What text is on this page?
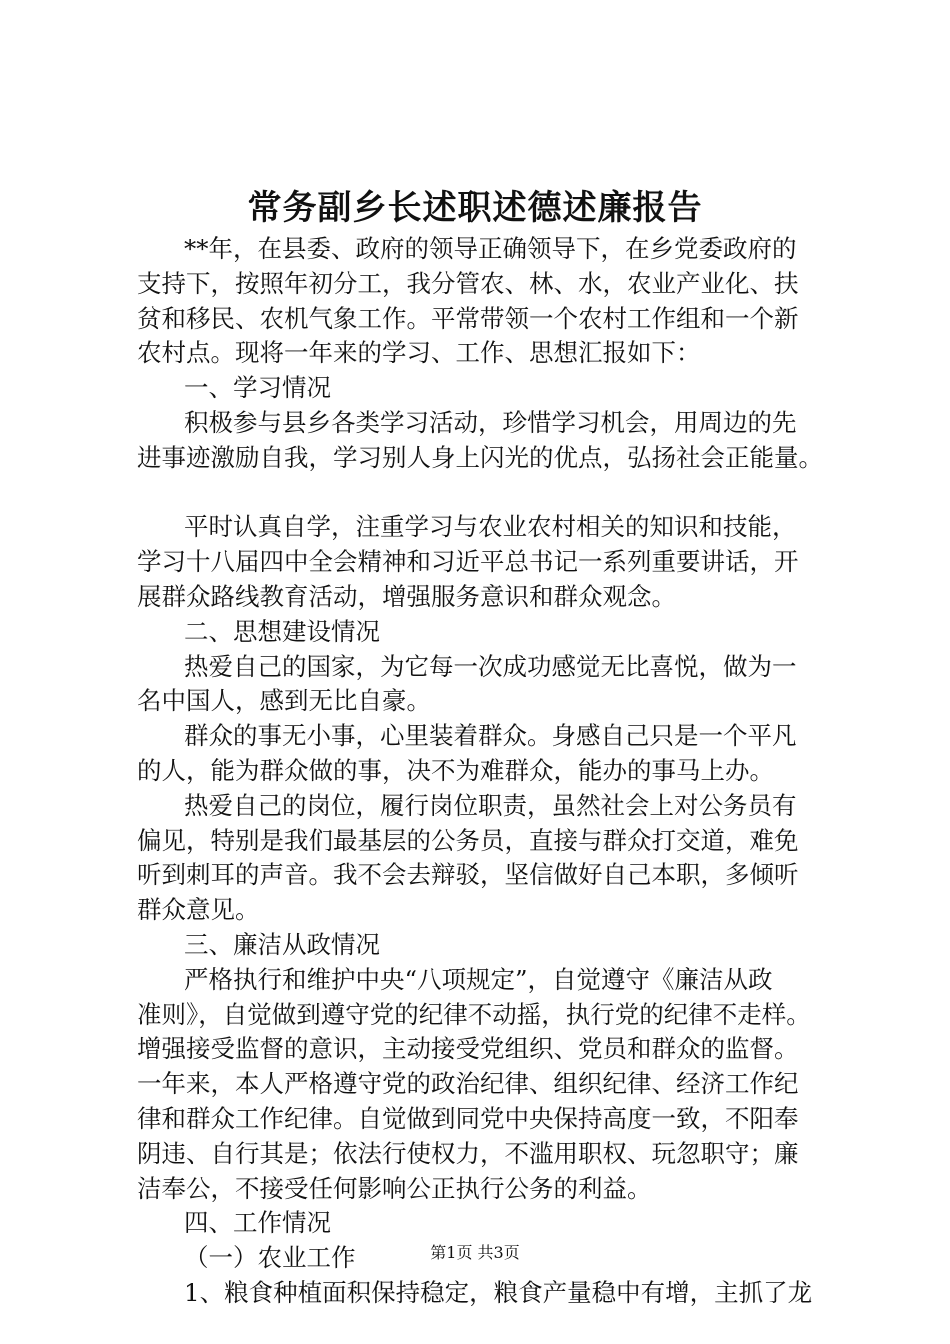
常务副乡长述职述德述廉报告
**年，在县委、政府的领导正确领导下，在乡党委政府的
支持下，按照年初分工，我分管农、林、水，农业产业化、扶
贫和移民、农机气象工作。平常带领一个农村工作组和一个新
农村点。现将一年来的学习、工作、思想汇报如下：
一、学习情况
积极参与县乡各类学习活动，珍惜学习机会，用周边的先
进事迹激励自我，学习别人身上闪光的优点，弘扬社会正能量。
平时认真自学，注重学习与农业农村相关的知识和技能，
学习十八届四中全会精神和习近平总书记一系列重要讲话，开
展群众路线教育活动，增强服务意识和群众观念。
二、思想建设情况
热爱自己的国家，为它每一次成功感觉无比喜悦，做为一
名中国人，感到无比自豪。
群众的事无小事，心里装着群众。身感自己只是一个平凡
的人，能为群众做的事，决不为难群众，能办的事马上办。
热爱自己的岗位，履行岗位职责，虽然社会上对公务员有
偏见，特别是我们最基层的公务员，直接与群众打交道，难免
听到刺耳的声音。我不会去辩驳，坚信做好自己本职，多倾听
群众意见。
三、廉洁从政情况
严格执行和维护中央“八项规定”，自觉遵守《廉洁从政
准则》，自觉做到遵守党的纪律不动摇，执行党的纪律不走样。
增强接受监督的意识，主动接受党组织、党员和群众的监督。
一年来，本人严格遵守党的政治纪律、组织纪律、经济工作纪
律和群众工作纪律。自觉做到同党中央保持高度一致，不阳奉
阴违、自行其是；依法行使权力，不滥用职权、玩忽职守；廉
洁奉公，不接受任何影响公正执行公务的利益。
四、工作情况
（一）农业工作
1、粮食种植面积保持稳定，粮食产量稳中有增，主抓了龙
第1页 共3页
